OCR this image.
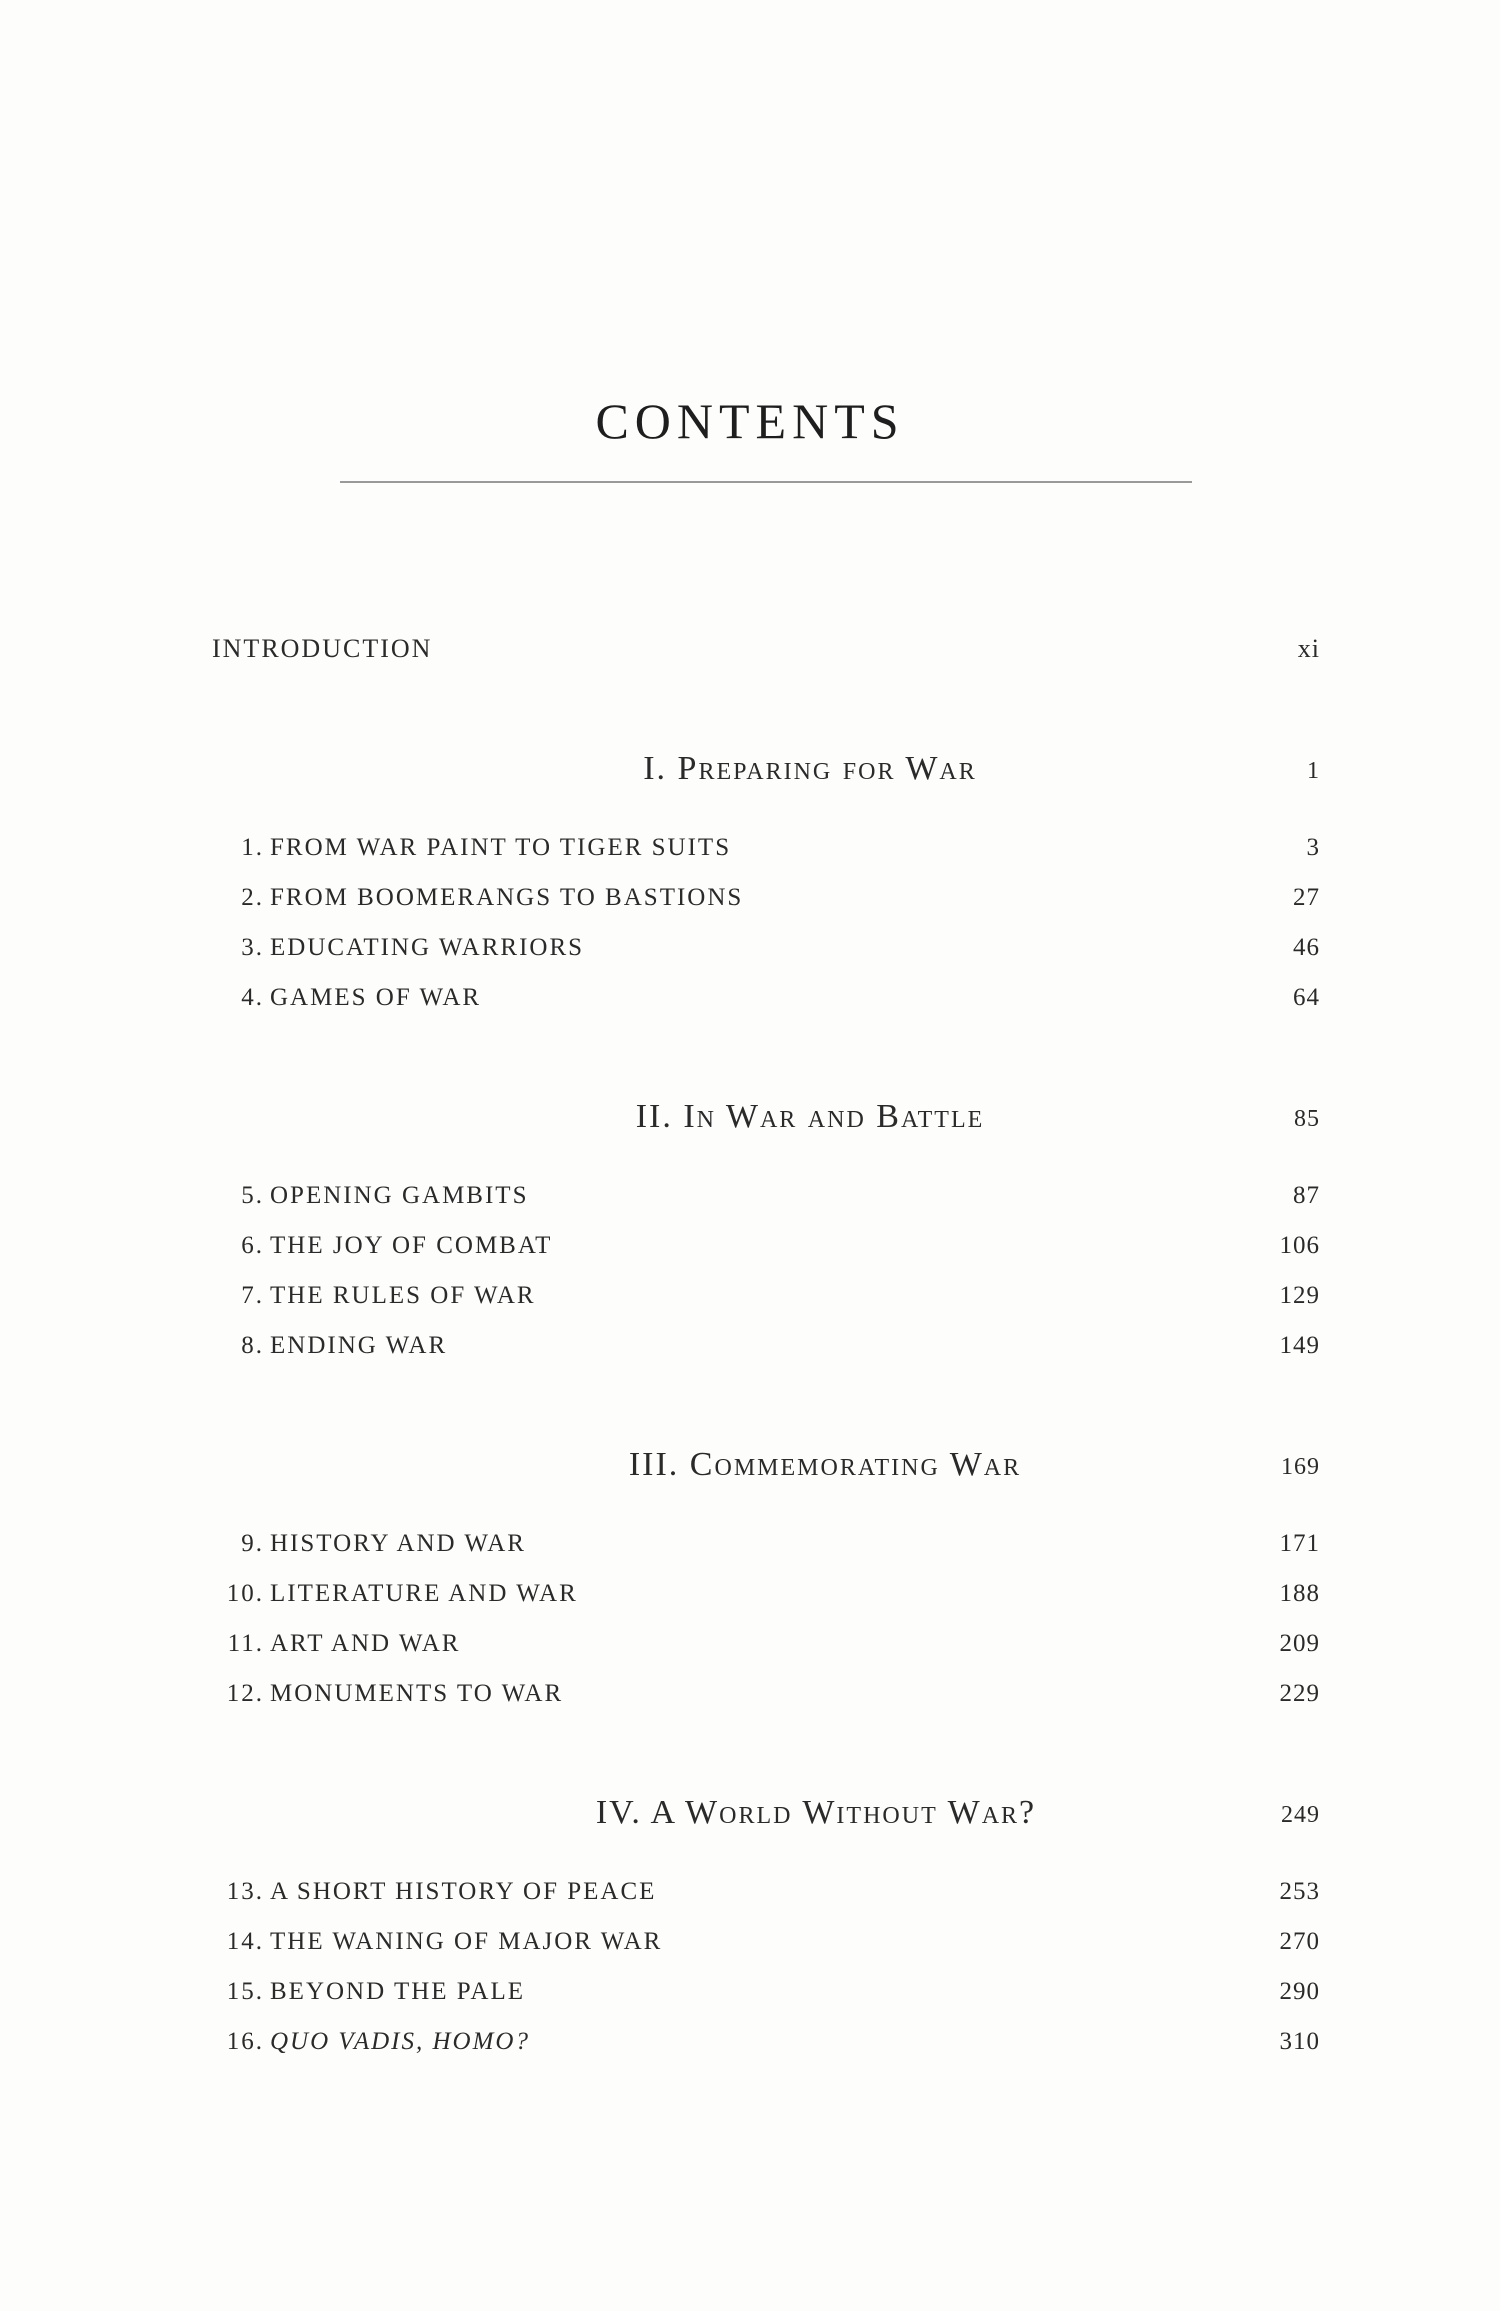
CONTENTS
INTRODUCTION	xi
I. Preparing for War	1
1. FROM WAR PAINT TO TIGER SUITS	3
2. FROM BOOMERANGS TO BASTIONS	27
3. EDUCATING WARRIORS	46
4. GAMES OF WAR	64
II. In War and Battle	85
5. OPENING GAMBITS	87
6. THE JOY OF COMBAT	106
7. THE RULES OF WAR	129
8. ENDING WAR	149
III. Commemorating War	169
9. HISTORY AND WAR	171
10. LITERATURE AND WAR	188
11. ART AND WAR	209
12. MONUMENTS TO WAR	229
IV. A World Without War?	249
13. A SHORT HISTORY OF PEACE	253
14. THE WANING OF MAJOR WAR	270
15. BEYOND THE PALE	290
16. QUO VADIS, HOMO?	310
